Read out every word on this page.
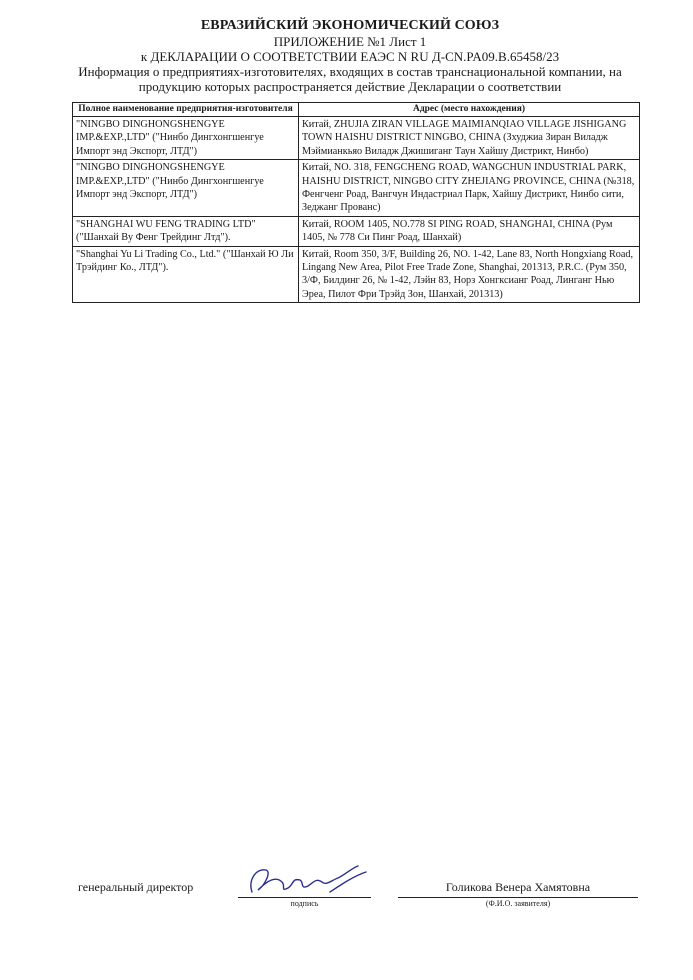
ЕВРАЗИЙСКИЙ ЭКОНОМИЧЕСКИЙ СОЮЗ
ПРИЛОЖЕНИЕ №1 Лист 1
к ДЕКЛАРАЦИИ О СООТВЕТСТВИИ ЕАЭС N RU Д-CN.PA09.B.65458/23
Информация о предприятиях-изготовителях, входящих в состав транснациональной компании, на
продукцию которых распространяется действие Декларации о соответствии
Полное наименование предприятия-изготовителя	Адрес (место нахождения)
"NINGBO DINGHONGSHENGYE IMP.&EXP.,LTD" ("Нинбо Дингхонгшенгуе Импорт энд Экспорт, ЛТД")	Китай, ZHUJIA ZIRAN VILLAGE MAIMIANQIAO VILLAGE JISHIGANG TOWN HAISHU DISTRICT NINGBO, CHINA (Зхуджиа Зиран Виладж Мэймианкьяо Виладж Джишиганг Таун Хайшу Дистрикт, Нинбо)
"NINGBO DINGHONGSHENGYE IMP.&EXP.,LTD" ("Нинбо Дингхонгшенгуе Импорт энд Экспорт, ЛТД")	Китай, NO. 318, FENGCHENG ROAD, WANGCHUN INDUSTRIAL PARK, HAISHU DISTRICT, NINGBO CITY ZHEJIANG PROVINCE, CHINA (№318, Фенгченг Роад, Вангчун Индастриал Парк, Хайшу Дистрикт, Нинбо сити, Зеджанг Прованс)
"SHANGHAI WU FENG TRADING LTD" ("Шанхай Ву Фенг Трейдинг Лтд").	Китай, ROOM 1405, NO.778 SI PING ROAD, SHANGHAI, CHINA (Рум 1405, № 778 Си Пинг Роад, Шанхай)
"Shanghai Yu Li Trading Co., Ltd." ("Шанхай Ю Ли Трэйдинг Ко., ЛТД").	Китай, Room 350, 3/F, Building 26, NO. 1-42, Lane 83, North Hongxiang Road, Lingang New Area, Pilot Free Trade Zone, Shanghai, 201313, P.R.C. (Рум 350, 3/Ф, Билдинг 26, № 1-42, Лэйн 83, Норз Хонгксианг Роад, Линганг Нью Эреа, Пилот Фри Трэйд Зон, Шанхай, 201313)
генеральный директор
подпись
Голикова Венера Хамятовна
(Ф.И.О. заявителя)
